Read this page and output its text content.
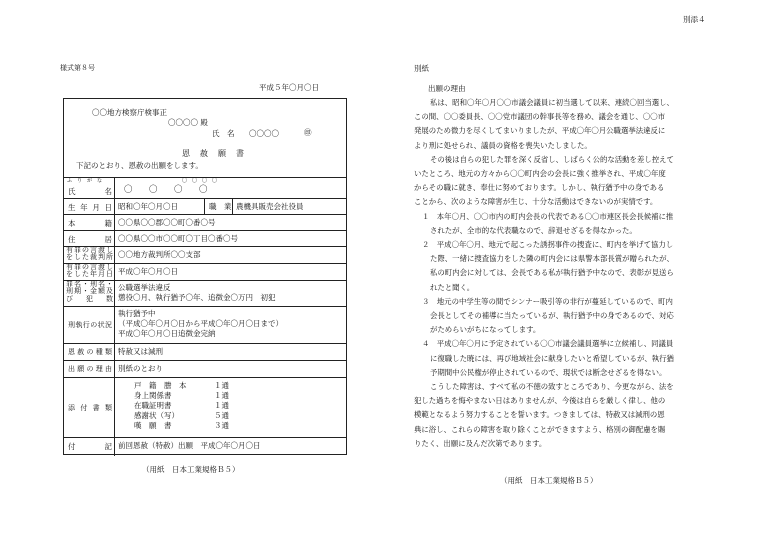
様式第８号
平成５年〇月〇日
〇〇地方検察庁検事正
〇〇〇〇 殿
氏　名 〇〇〇〇	㊞
恩　赦　願　書
下記のとおり、恩赦の出願をします。
ふ　り　が　な	〇　〇　〇　〇
氏　　名 〇　〇　〇　〇
生年月日 昭和〇年〇月〇日	職　業 農機具販売会社役員
本　　籍 〇〇県〇〇郡〇〇町〇番〇号
住　　居 〇〇県〇〇市〇〇町〇丁目〇番〇号
有罪の言渡しをした裁判所 〇〇地方裁判所〇〇支部
有罪の言渡しをした年月日 平成〇年〇月〇日
罪名・刑名・刑期・金額及び犯数
公職選挙法違反
懲役〇月、執行猶予〇年、追徴金〇万円　初犯
刑執行の状況
執行猶予中
（平成〇年〇月〇日から平成〇年〇月〇日まで）
平成〇年〇月〇日追徴金完納
恩赦の種類 特赦又は減刑
出願の理由 別紙のとおり
添付書類
戸　籍　謄　本	１通
身上関係書	１通
在職証明書	１通
感謝状（写）	５通
嘆　願　書	３通
付　　記 前回恩赦（特赦）出願　平成〇年〇月〇日
（用紙　日本工業規格Ｂ５）
別添４
別紙
出願の理由

私は、昭和〇年〇月〇〇市議会議員に初当選して以来、連続〇回当選し、

この間、〇〇委員長、〇〇党市議団の幹事長等を務め、議会を通じ、〇〇市

発展のため微力を尽くしてまいりましたが、平成〇年〇月公職選挙法違反に

より刑に処せられ、議員の資格を喪失いたしました。

その後は自らの犯した罪を深く反省し、しばらく公的な活動を差し控えて

いたところ、地元の方々から〇〇町内会の会長に強く推挙され、平成〇年度

からその職に就き、奉仕に努めております。しかし、執行猶予中の身である

ことから、次のような障害が生じ、十分な活動はできないのが実情です。

１　本年〇月、〇〇市内の町内会長の代表である〇〇市連区長会長候補に推

されたが、全市的な代表職なので、辞退せざるを得なかった。

２　平成〇年〇月、地元で起こった誘拐事件の捜査に、町内を挙げて協力し

た際、一緒に捜査協力をした隣の町内会には県警本部長賞が贈られたが、

私の町内会に対しては、会長である私が執行猶予中なので、表彰が見送ら

れたと聞く。

３　地元の中学生等の間でシンナー吸引等の非行が蔓延しているので、町内

会長としてその補導に当たっているが、執行猶予中の身であるので、対応

がためらいがちになってします。

４　平成〇年〇月に予定されている〇〇市議会議員選挙に立候補し、同議員

に復職した暁には、再び地域社会に献身したいと希望しているが、執行猶

予期間中公民権が停止されているので、現状では断念せざるを得ない。

こうした障害は、すべて私の不徳の致すところであり、今更ながら、法を

犯した過ちを悔やまない日はありませんが、今後は自らを厳しく律し、他の

模範となるよう努力することを誓います。つきましては、特赦又は減刑の恩

典に浴し、これらの障害を取り除くことができますよう、格別の御配慮を賜

りたく、出願に及んだ次第であります。

（用紙　日本工業規格Ｂ５）
